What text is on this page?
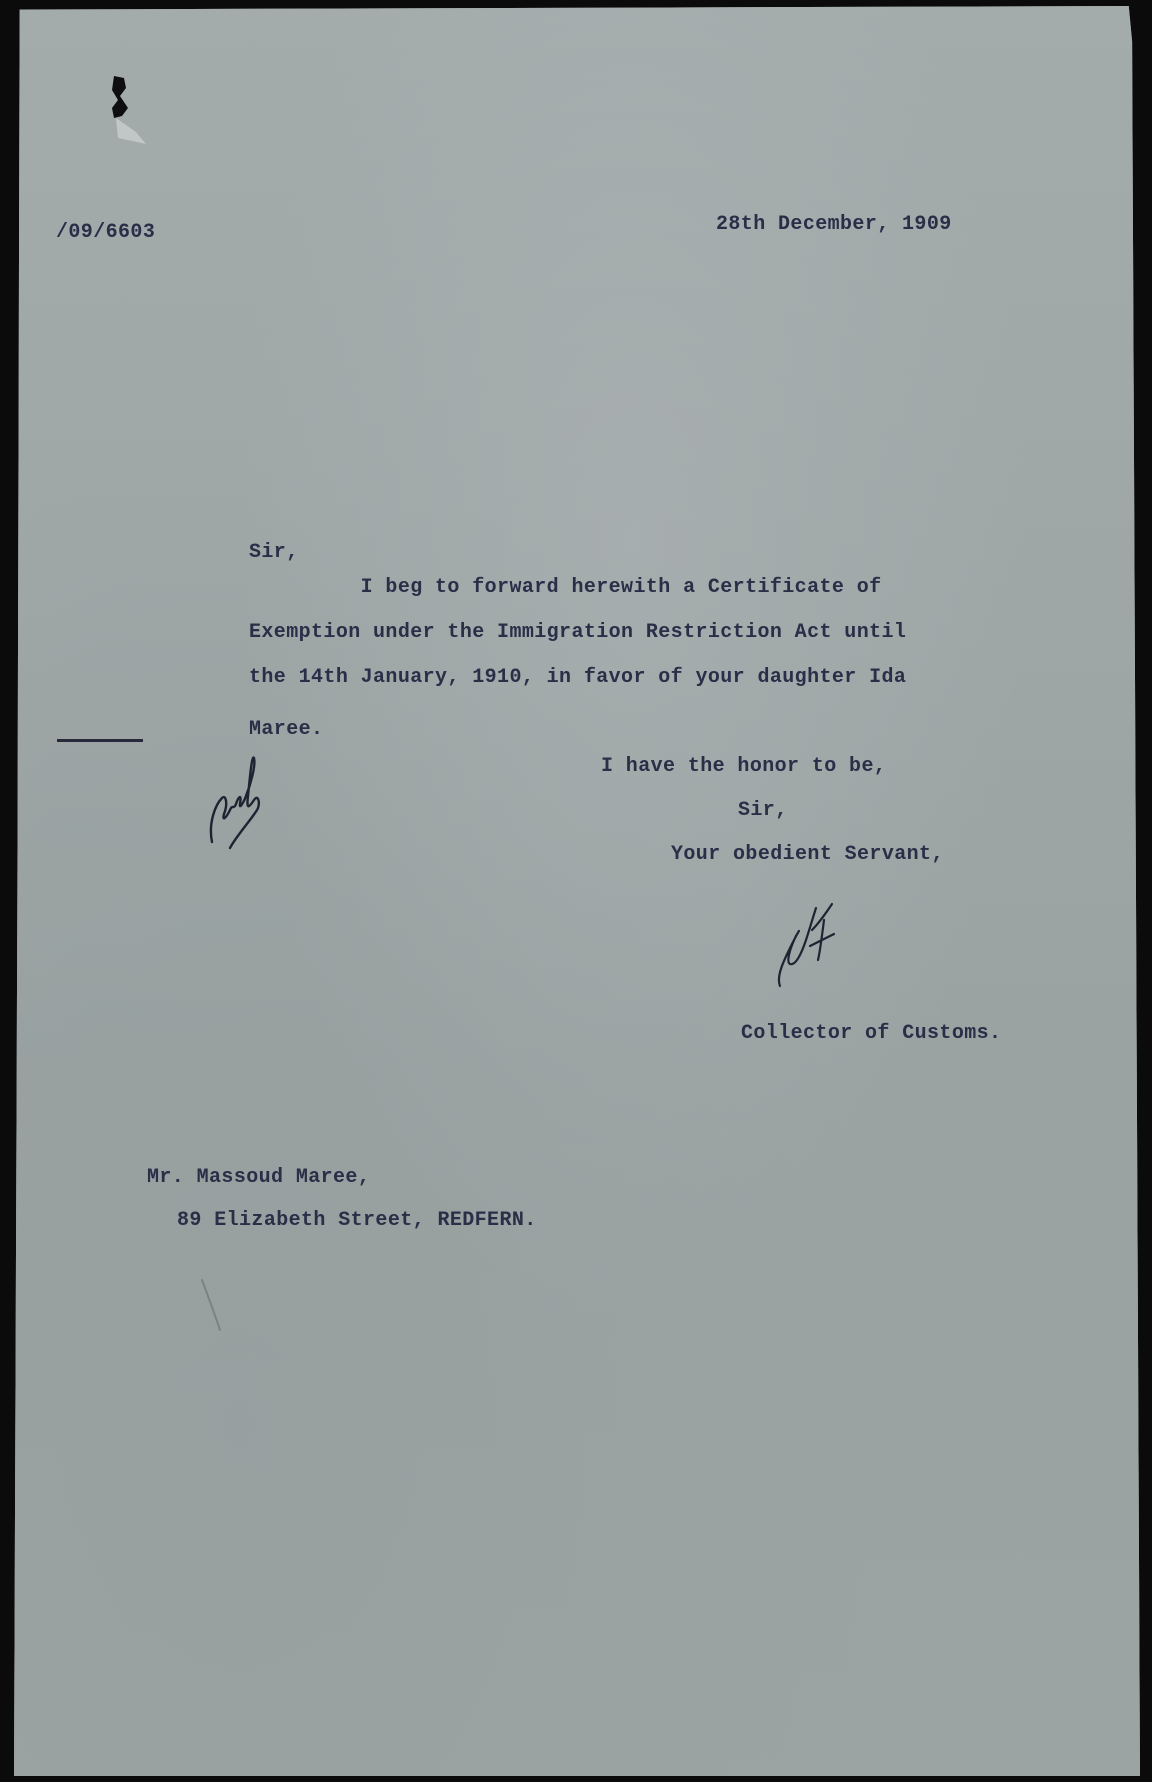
/09/6603	28th December, 1909
Sir,
I beg to forward herewith a Certificate of
Exemption under the Immigration Restriction Act until
the 14th January, 1910, in favor of your daughter Ida
Maree.
I have the honor to be,
Sir,
Your obedient Servant,
Collector of Customs.
Mr. Massoud Maree,
89 Elizabeth Street, REDFERN.
